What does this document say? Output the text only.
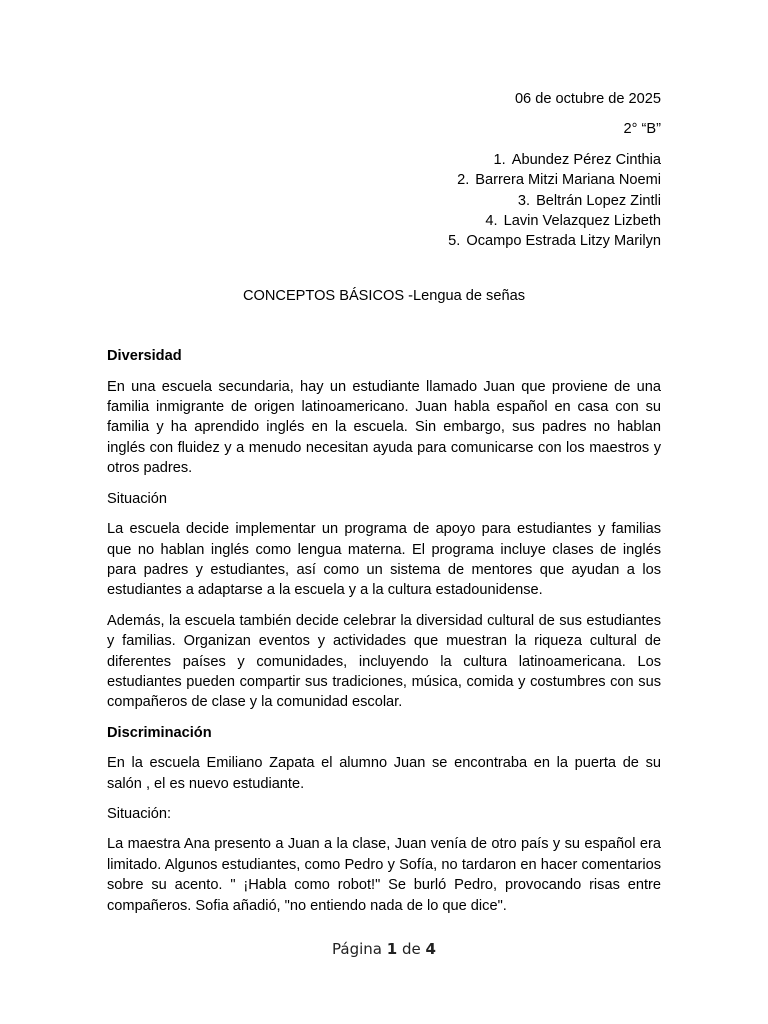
06 de octubre de 2025
2° “B”
1. Abundez Pérez Cinthia
2. Barrera Mitzi Mariana Noemi
3. Beltrán Lopez Zintli
4. Lavin Velazquez Lizbeth
5. Ocampo Estrada Litzy Marilyn
CONCEPTOS BÁSICOS -Lengua de señas
Diversidad
En una escuela secundaria, hay un estudiante llamado Juan que proviene de una familia inmigrante de origen latinoamericano. Juan habla español en casa con su familia y ha aprendido inglés en la escuela. Sin embargo, sus padres no hablan inglés con fluidez y a menudo necesitan ayuda para comunicarse con los maestros y otros padres.
Situación
La escuela decide implementar un programa de apoyo para estudiantes y familias que no hablan inglés como lengua materna. El programa incluye clases de inglés para padres y estudiantes, así como un sistema de mentores que ayudan a los estudiantes a adaptarse a la escuela y a la cultura estadounidense.
Además, la escuela también decide celebrar la diversidad cultural de sus estudiantes y familias. Organizan eventos y actividades que muestran la riqueza cultural de diferentes países y comunidades, incluyendo la cultura latinoamericana. Los estudiantes pueden compartir sus tradiciones, música, comida y costumbres con sus compañeros de clase y la comunidad escolar.
Discriminación
En la escuela Emiliano Zapata el alumno Juan se encontraba en la puerta de su salón , el es nuevo estudiante.
Situación:
La maestra Ana presento a Juan a la clase, Juan venía de otro país y su español era limitado. Algunos estudiantes, como Pedro y Sofía, no tardaron en hacer comentarios sobre su acento. " ¡Habla como robot!" Se burló Pedro, provocando risas entre compañeros. Sofia añadió, "no entiendo nada de lo que dice".
Página 1 de 4
